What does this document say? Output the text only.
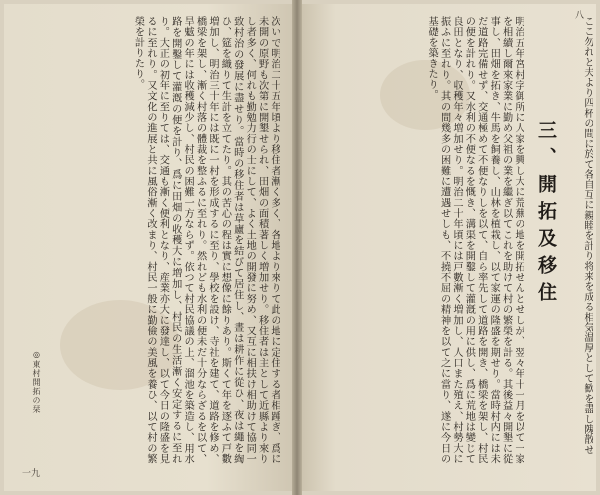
八
ここ勿れと夫より四杯の間に於て各自互に親睦を計り将来を成る相気温厚として歓を盡し隗散せ
三、開拓及移住
明治五年宮村字御所に人家を興し大に荒蕪の地を開拓せんとせしが、翌々年十一月を以て一家を相續し爾來家業に勤め父祖の業を繼ぎ以てこれを助けて村の繁榮を計る。其後益々開墾に從事し、田畑を拓き、牛馬を飼養し、山林を植栽し、以て家運の隆盛を期せり。當時村内には未だ道路完備せず、交通極めて不便なりしを以て、自ら率先して道路を開き、橋梁を架し、村民の便を計れり。又水利の不便なるを慨き、溝渠を開鑿して灌漑の用に供し、爲に荒地は變じて良田となり、収穫年々増加せり。明治二十年頃には戸數漸く増加し、人口また殖え、村勢大に振ふに至れり。其の間幾多の困難に遭遇せしも、不撓不屈の精神を以て之に當り、遂に今日の基礎を築きたり。
次いで明治二十五年頃より移住者漸く多く、各地より來りて此の地に定住する者相踵ぎ、爲に未開の原野も次第に開墾せられ、田畑の面積著しく増加せり。移住者は主として近縣より來りし者多く、何れも勤勉力行の士にして、よく土地の開發に努め、又互に相扶け相助けて協同一致村治の發展に盡せり。當時の移住者は草廬を結びて居住し、晝は耕作に從ひ、夜は繩を綯ひ、筵を織りて生計を立てたり。其の苦心の程は實に想像に餘りあり。斯くて年を逐ふて戸數増加し、明治三十年には既に一村を形成するに至り、學校を設け、寺社を建て、道路を修め、橋梁を架し、漸く村落の體裁を整ふるに至れり。然れども水利の便未だ十分ならざるを以て、旱魃の年には收穫減少し、村民の困難一方ならず。依つて村民協議の上、溜池を築造し、用水路を開鑿して灌漑の便を計り、爲に田畑の收穫大に増加し、村民の生活漸く安定するに至れり。大正の初年に至りては、交通も漸く便利となり、産業亦大に發達し、以て今日の隆盛を見るに至れり。又文化の進展と共に風俗漸く改まり、村民一般に勤儉の美風を養ひ、以て村の繁榮を計りたり。
◎東村開拓の栞
一九
